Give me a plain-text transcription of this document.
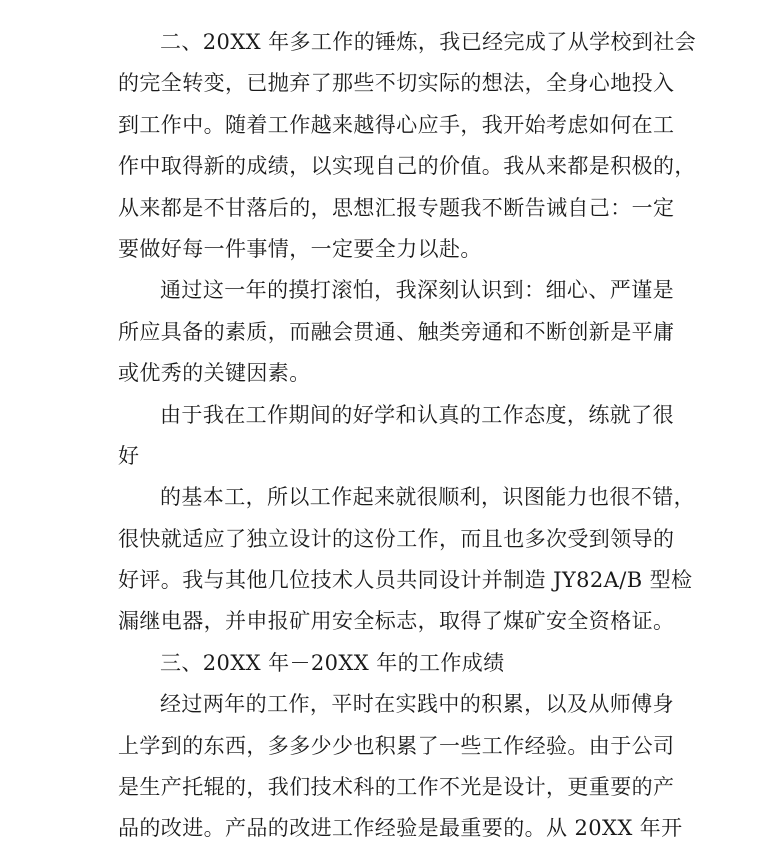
二、20XX 年多工作的锤炼，我已经完成了从学校到社会
的完全转变，已抛弃了那些不切实际的想法，全身心地投入
到工作中。随着工作越来越得心应手，我开始考虑如何在工
作中取得新的成绩，以实现自己的价值。我从来都是积极的，
从来都是不甘落后的，思想汇报专题我不断告诫自己：一定
要做好每一件事情，一定要全力以赴。
通过这一年的摸打滚怕，我深刻认识到：细心、严谨是
所应具备的素质，而融会贯通、触类旁通和不断创新是平庸
或优秀的关键因素。
由于我在工作期间的好学和认真的工作态度，练就了很
好
的基本工，所以工作起来就很顺利，识图能力也很不错，
很快就适应了独立设计的这份工作，而且也多次受到领导的
好评。我与其他几位技术人员共同设计并制造 JY82A/B 型检
漏继电器，并申报矿用安全标志，取得了煤矿安全资格证。
三、20XX 年－20XX 年的工作成绩
经过两年的工作，平时在实践中的积累，以及从师傅身
上学到的东西，多多少少也积累了一些工作经验。由于公司
是生产托辊的，我们技术科的工作不光是设计，更重要的产
品的改进。产品的改进工作经验是最重要的。从 20XX 年开
